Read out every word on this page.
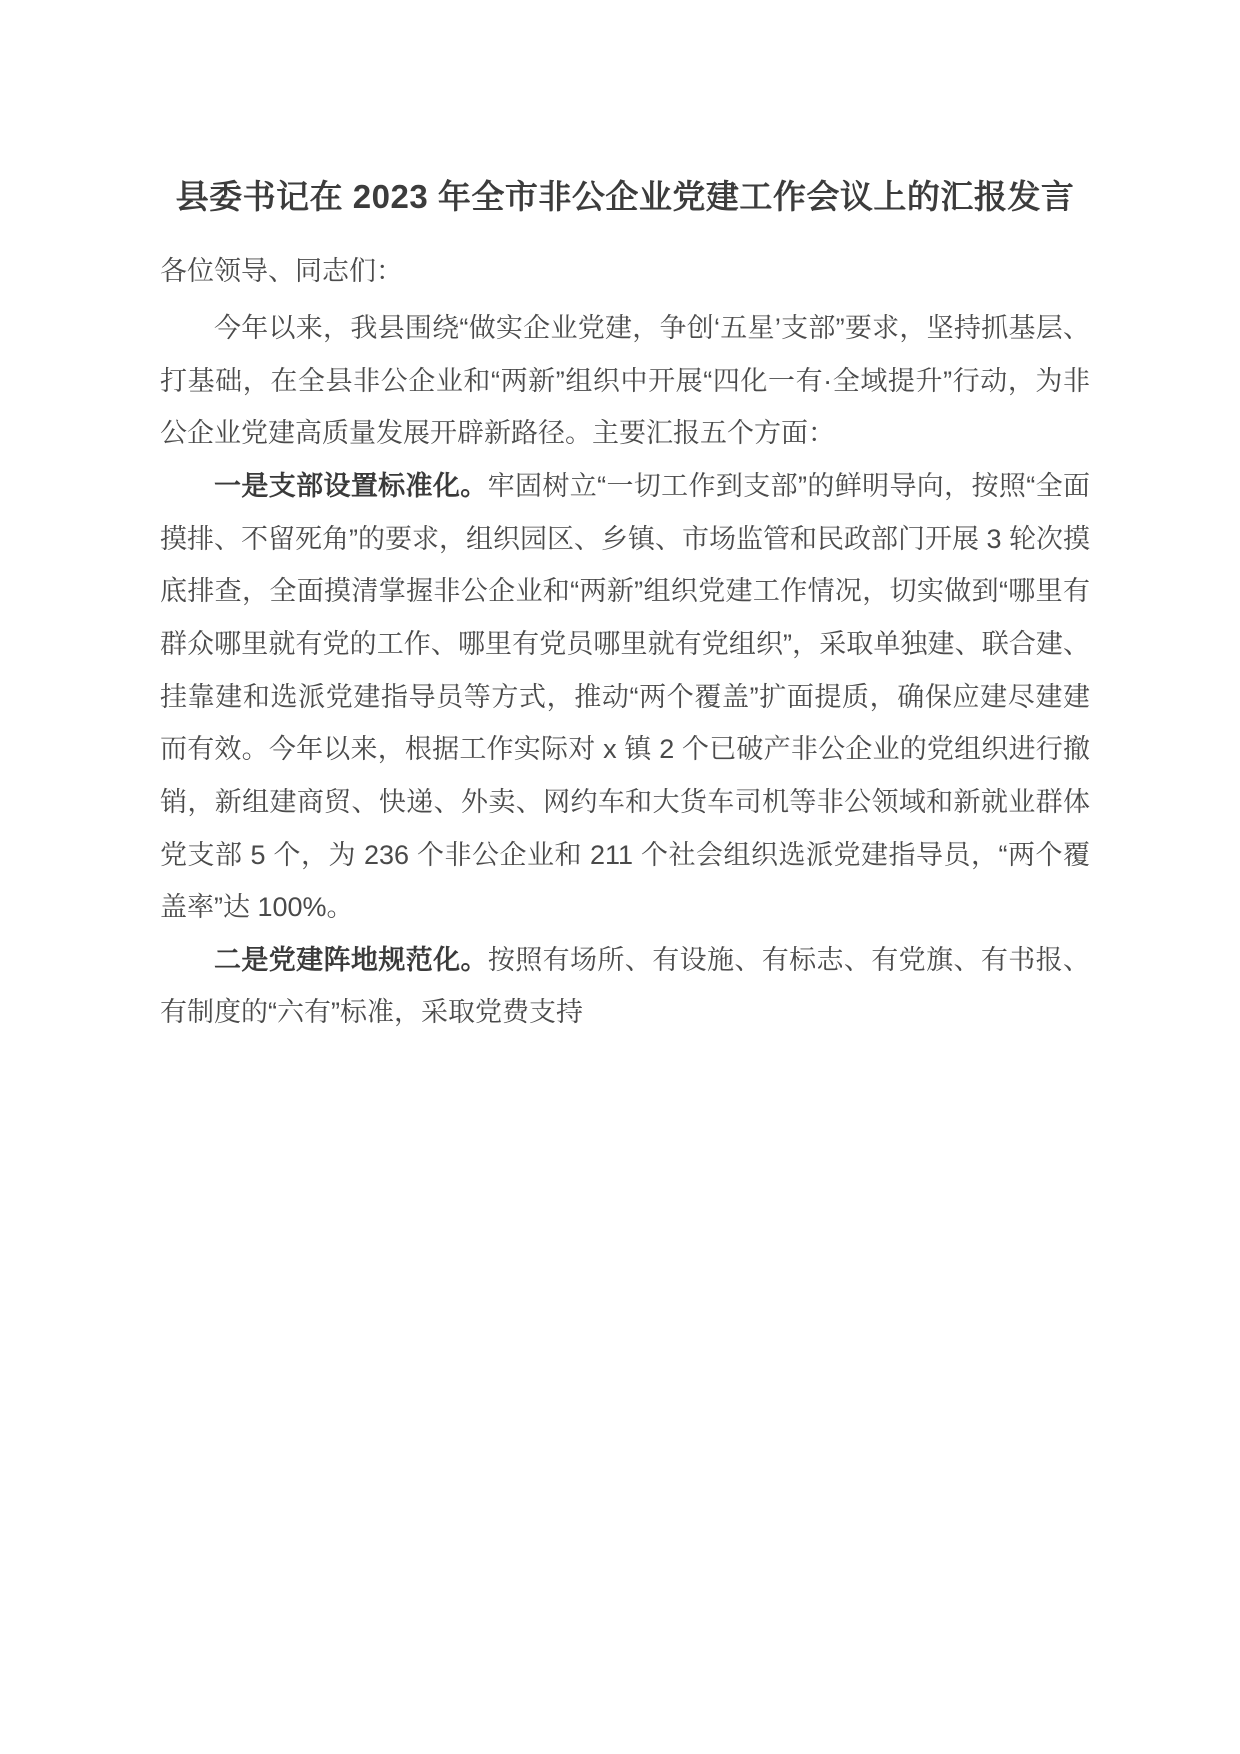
县委书记在 2023 年全市非公企业党建工作会议上的汇报发言

各位领导、同志们：

今年以来，我县围绕“做实企业党建，争创‘五星’支部”要求，坚持抓基层、打基础，在全县非公企业和“两新”组织中开展“四化一有·全域提升”行动，为非公企业党建高质量发展开辟新路径。主要汇报五个方面：

一是支部设置标准化。牢固树立“一切工作到支部”的鲜明导向，按照“全面摸排、不留死角”的要求，组织园区、乡镇、市场监管和民政部门开展 3 轮次摸底排查，全面摸清掌握非公企业和“两新”组织党建工作情况，切实做到“哪里有群众哪里就有党的工作、哪里有党员哪里就有党组织”，采取单独建、联合建、挂靠建和选派党建指导员等方式，推动“两个覆盖”扩面提质，确保应建尽建建而有效。今年以来，根据工作实际对 x 镇 2 个已破产非公企业的党组织进行撤销，新组建商贸、快递、外卖、网约车和大货车司机等非公领域和新就业群体党支部 5 个，为 236 个非公企业和 211 个社会组织选派党建指导员，“两个覆盖率”达 100%。

二是党建阵地规范化。按照有场所、有设施、有标志、有党旗、有书报、有制度的“六有”标准，采取党费支持
